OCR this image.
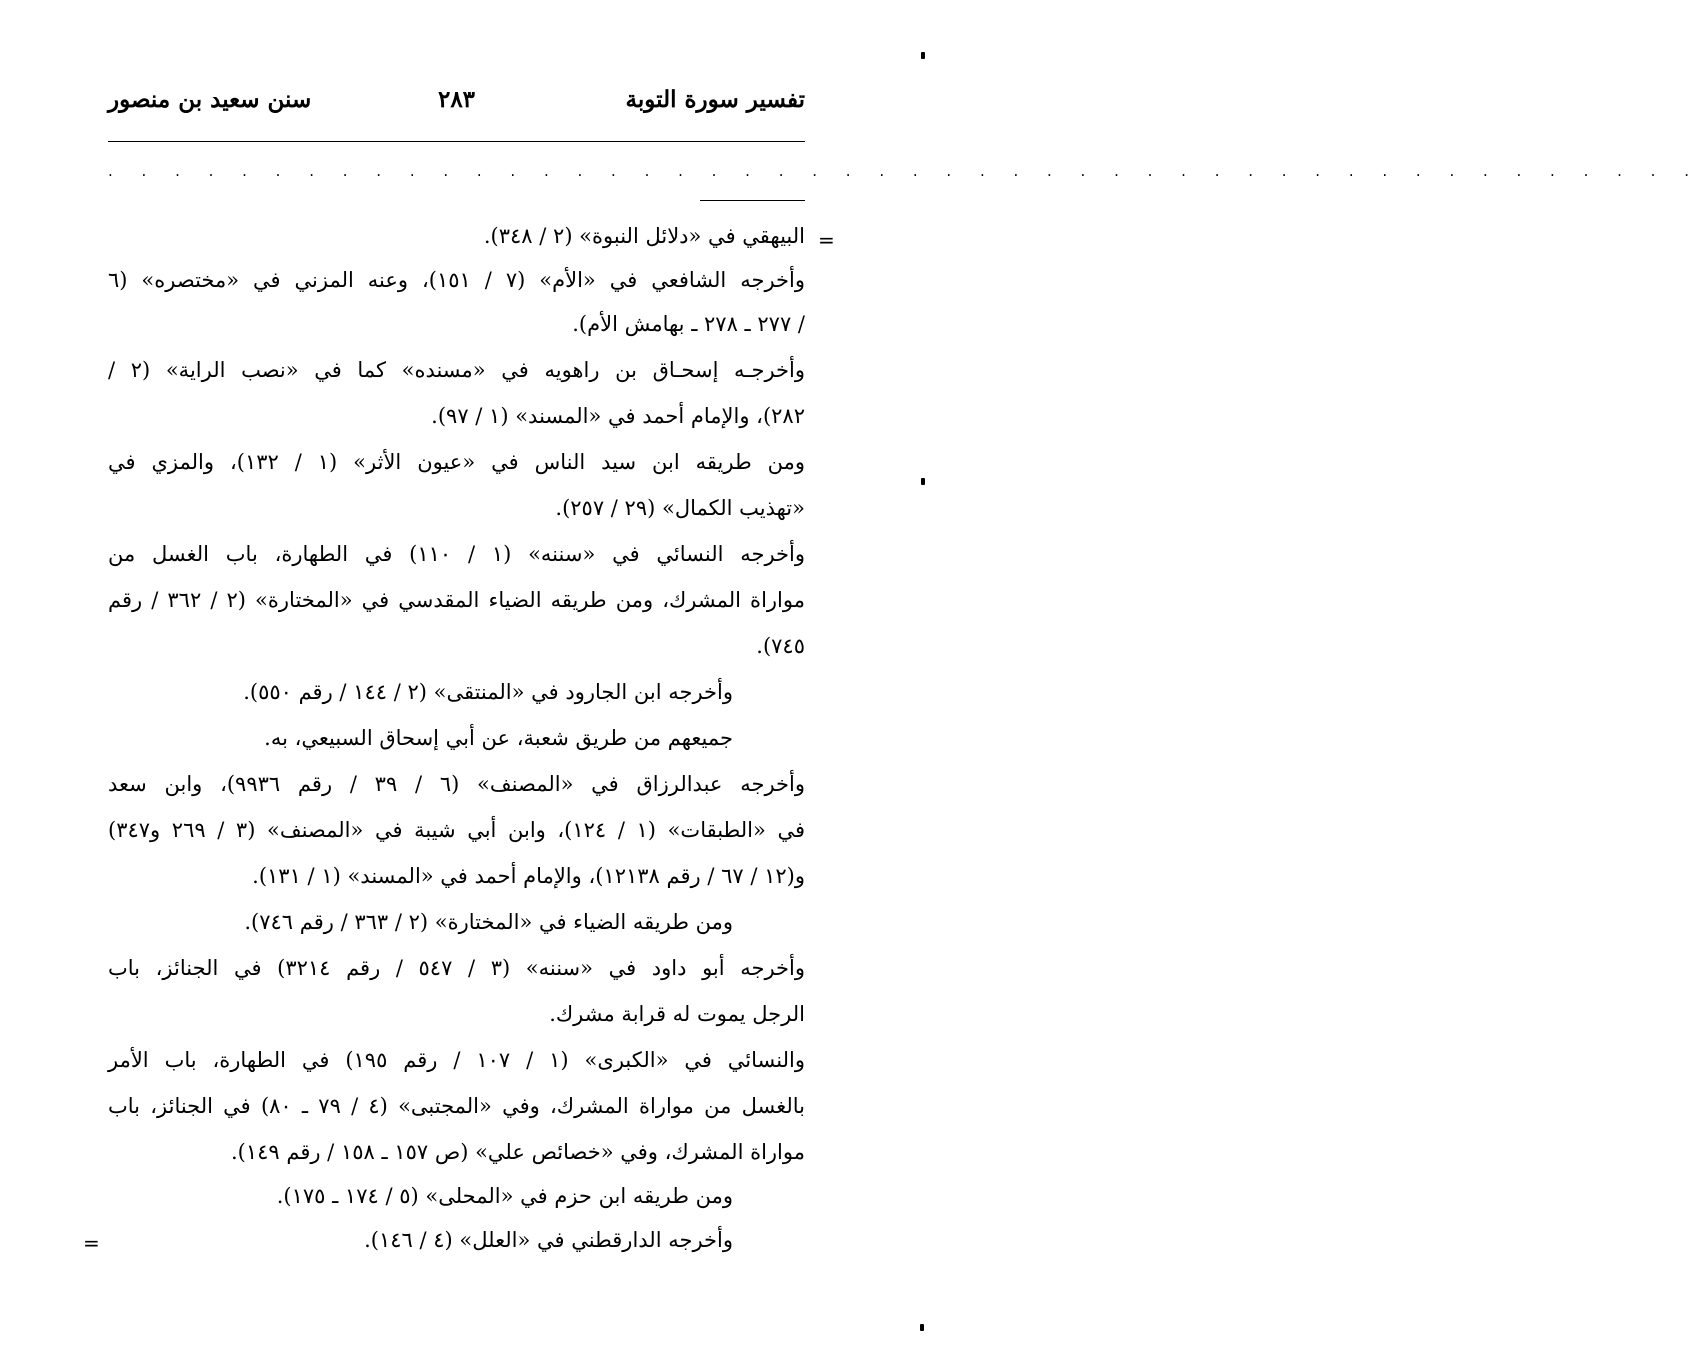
تفسير سورة التوبة
٢٨٣
سنن سعيد بن منصور
. . . . . . . . . . . . . . . . . . . . . . . . . . . . . . . . . . . . . . . . . . . . . . . .
=
البيهقي في «دلائل النبوة» (٢ / ٣٤٨).
وأخرجه الشافعي في «الأم» (٧ / ١٥١)، وعنه المزني في «مختصره» (٦
/ ٢٧٧ ـ ٢٧٨ ـ بهامش الأم).
وأخرجـه إسحـاق بن راهويه في «مسنده» كما في «نصب الراية» (٢ /
٢٨٢)، والإمام أحمد في «المسند» (١ / ٩٧).
ومن طريقه ابن سيد الناس في «عيون الأثر» (١ / ١٣٢)، والمزي في
«تهذيب الكمال» (٢٩ / ٢٥٧).
وأخرجه النسائي في «سننه» (١ / ١١٠) في الطهارة، باب الغسل من
مواراة المشرك، ومن طريقه الضياء المقدسي في «المختارة» (٢ / ٣٦٢ / رقم
٧٤٥).
وأخرجه ابن الجارود في «المنتقى» (٢ / ١٤٤ / رقم ٥٥٠).
جميعهم من طريق شعبة، عن أبي إسحاق السبيعي، به.
وأخرجه عبدالرزاق في «المصنف» (٦ / ٣٩ / رقم ٩٩٣٦)، وابن سعد
في «الطبقات» (١ / ١٢٤)، وابن أبي شيبة في «المصنف» (٣ / ٢٦٩ و٣٤٧)
و(١٢ / ٦٧ / رقم ١٢١٣٨)، والإمام أحمد في «المسند» (١ / ١٣١).
ومن طريقه الضياء في «المختارة» (٢ / ٣٦٣ / رقم ٧٤٦).
وأخرجه أبو داود في «سننه» (٣ / ٥٤٧ / رقم ٣٢١٤) في الجنائز، باب
الرجل يموت له قرابة مشرك.
والنسائي في «الكبرى» (١ / ١٠٧ / رقم ١٩٥) في الطهارة، باب الأمر
بالغسل من مواراة المشرك، وفي «المجتبى» (٤ / ٧٩ ـ ٨٠) في الجنائز، باب
مواراة المشرك، وفي «خصائص علي» (ص ١٥٧ ـ ١٥٨ / رقم ١٤٩).
ومن طريقه ابن حزم في «المحلى» (٥ / ١٧٤ ـ ١٧٥).
وأخرجه الدارقطني في «العلل» (٤ / ١٤٦).
=
